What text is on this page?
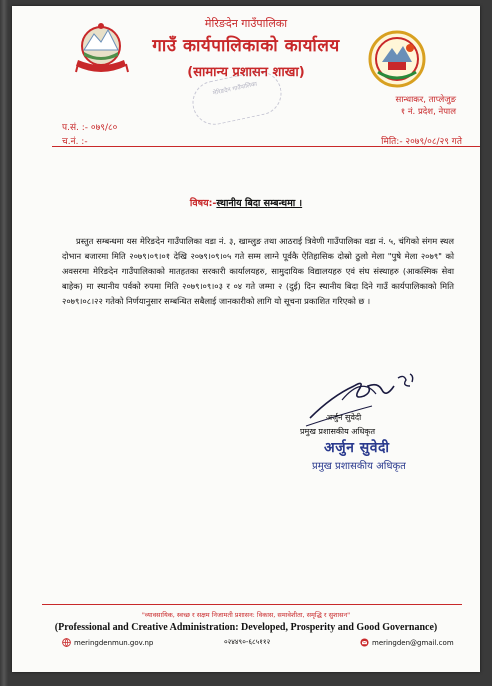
मेरिङदेन गाउँपालिका
गाउँ कार्यपालिकाको कार्यालय
(सामान्य प्रशासन शाखा)
मेरिङदेन गाउँपालिका
सान्धाकर, ताप्लेजुङ
१ नं. प्रदेश, नेपाल
प.सं. :- ०७९/८०
च.नं. :-	मिति:- २०७९/०८/२९ गते
विषय:-स्थानीय बिदा सम्बन्धमा ।
प्रस्तुत सम्बन्धमा यस मेरिङदेन गाउँपालिका वडा नं. ३, खाम्लुङ तथा आठराई त्रिवेणी गाउँपालिका वडा नं. ५, चंगिको संगम स्थल दोभान बजारमा मिति २०७९।०९।०१ देखि २०७९।०९।०५ गते सम्म लाग्ने पूर्वकै ऐतिहासिक दोस्रो ठुलो मेला "पुषे मेला २०७९" को अवसरमा मेरिङदेन गाउँपालिकाको मातहतका सरकारी कार्यालयहरु, सामुदायिक विद्यालयहरु एवं संघ संस्थाहरु (आकस्मिक सेवा बाहेक) मा स्थानीय पर्वको रुपमा मिति २०७९।०९।०३ र ०४ गते जम्मा २ (दुई) दिन स्थानीय बिदा दिने गाउँ कार्यपालिकाको मिति २०७९।०८।२२ गतेको निर्णयानुसार सम्बन्धित सबैलाई जानकारीको लागि यो सूचना प्रकाशित गरिएको छ ।
अर्जुन सुवेदी
प्रमुख प्रशासकीय अधिकृत
अर्जुन सुवेदी
प्रमुख प्रशासकीय अधिकृत
"व्यावसायिक, स्वच्छ र सक्षम निजामती प्रशासन: विकास, समावेशीता, समृद्धि र सुशासन"
(Professional and Creative Administration: Developed, Prosperity and Good Governance)
meringdenmun.gov.np	०२४४९०-६८५११२	meringden@gmail.com
